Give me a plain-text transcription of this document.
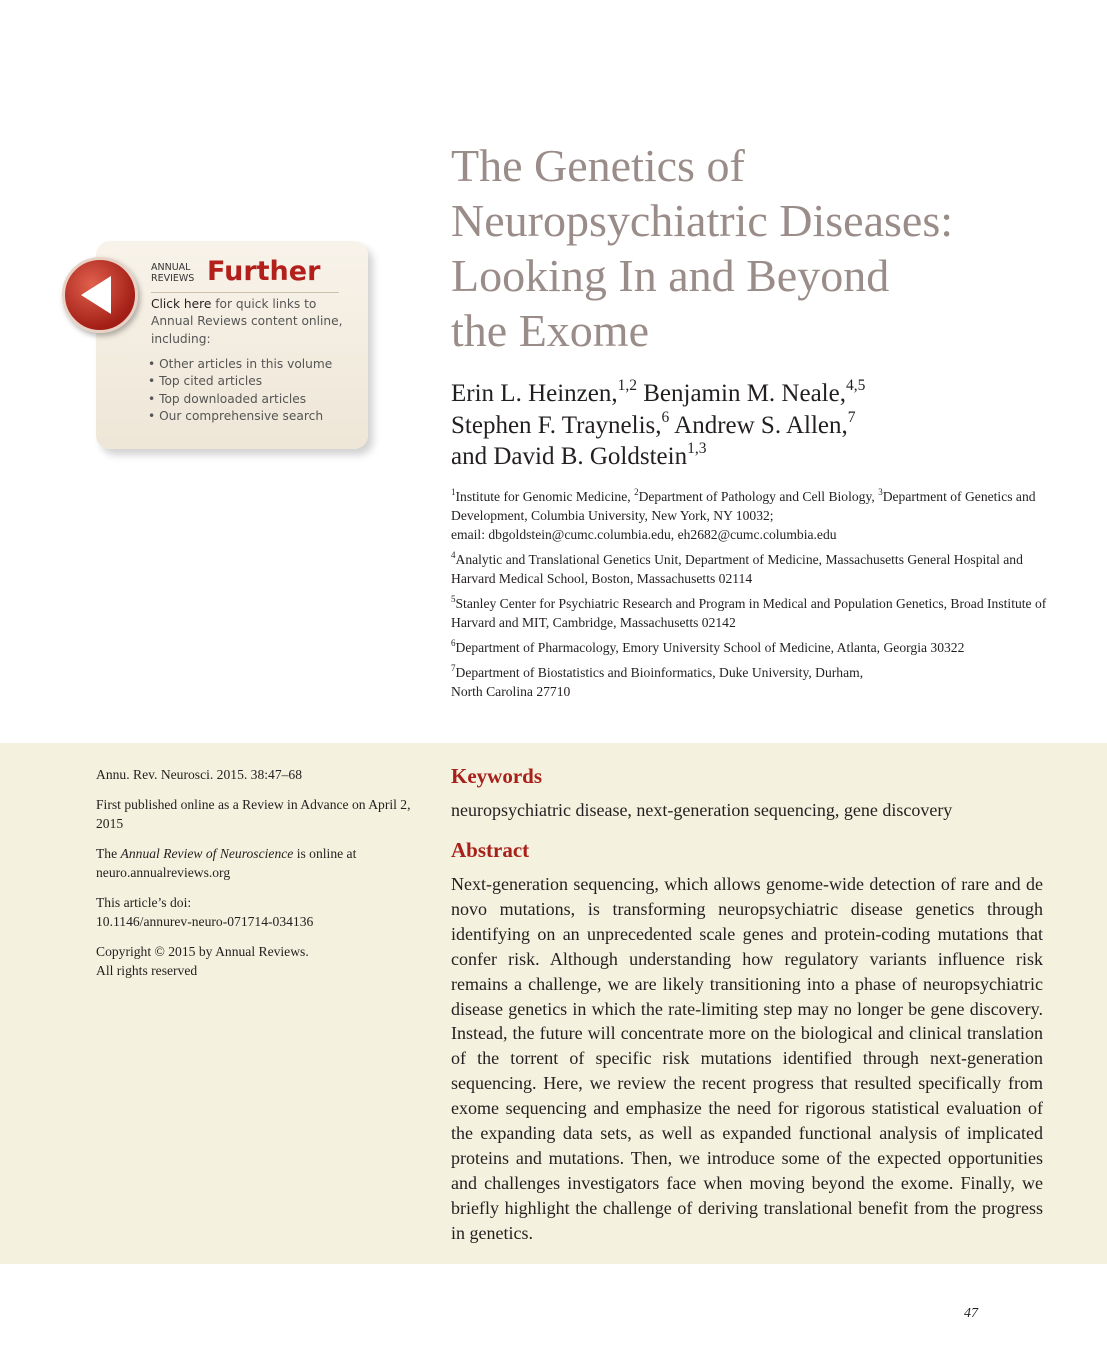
The Genetics of
Neuropsychiatric Diseases:
Looking In and Beyond
the Exome
Erin L. Heinzen,$^{1,2}$ Benjamin M. Neale,$^{4,5}$
Stephen F. Traynelis,$^6$ Andrew S. Allen,$^7$
and David B. Goldstein$^{1,3}$

$^1$Institute for Genomic Medicine, $^2$Department of Pathology and Cell Biology, $^3$Department of Genetics and Development, Columbia University, New York, NY 10032;
email: dbgoldstein@cumc.columbia.edu, eh2682@cumc.columbia.edu

$^4$Analytic and Translational Genetics Unit, Department of Medicine, Massachusetts General Hospital and Harvard Medical School, Boston, Massachusetts 02114

$^5$Stanley Center for Psychiatric Research and Program in Medical and Population Genetics, Broad Institute of Harvard and MIT, Cambridge, Massachusetts 02142

$^6$Department of Pharmacology, Emory University School of Medicine, Atlanta, Georgia 30322

$^7$Department of Biostatistics and Bioinformatics, Duke University, Durham,
North Carolina 27710

ANNUAL
REVIEWS Further
Click here for quick links to Annual Reviews content online, including:
• Other articles in this volume
• Top cited articles
• Top downloaded articles
• Our comprehensive search

Annu. Rev. Neurosci. 2015. 38:47–68

First published online as a Review in Advance on April 2, 2015

The Annual Review of Neuroscience is online at neuro.annualreviews.org

This article’s doi:
10.1146/annurev-neuro-071714-034136

Copyright © 2015 by Annual Reviews.
All rights reserved

Keywords
neuropsychiatric disease, next-generation sequencing, gene discovery
Abstract
Next-generation sequencing, which allows genome-wide detection of rare and de novo mutations, is transforming neuropsychiatric disease genetics through identifying on an unprecedented scale genes and protein-coding mutations that confer risk. Although understanding how regulatory variants influence risk remains a challenge, we are likely transitioning into a phase of neuropsychiatric disease genetics in which the rate-limiting step may no longer be gene discovery. Instead, the future will concentrate more on the biological and clinical translation of the torrent of specific risk mutations identified through next-generation sequencing. Here, we review the recent progress that resulted specifically from exome sequencing and emphasize the need for rigorous statistical evaluation of the expanding data sets, as well as expanded functional analysis of implicated proteins and mutations. Then, we introduce some of the expected opportunities and challenges investigators face when moving beyond the exome. Finally, we briefly highlight the challenge of deriving translational benefit from the progress in genetics.
47
